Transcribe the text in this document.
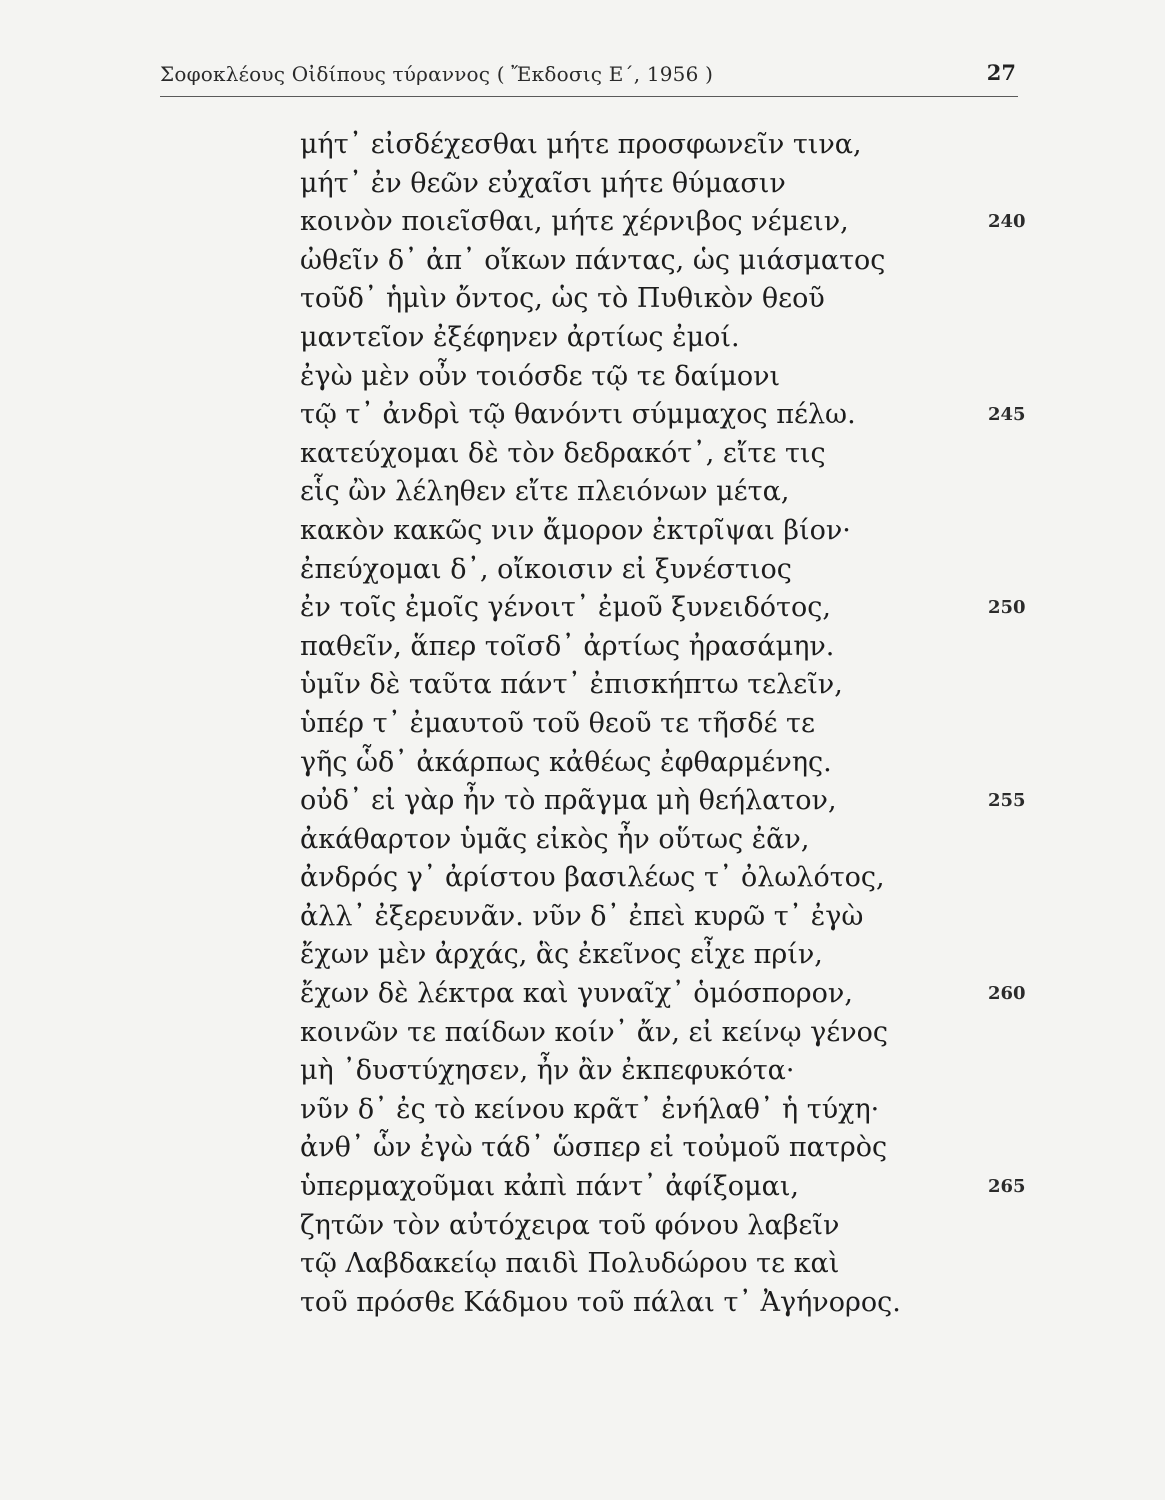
Σοφοκλέους Οἰδίπους τύραννος ( Ἔκδοσις Ε΄, 1956 )	27
μήτ᾽ εἰσδέχεσθαι μήτε προσφωνεῖν τινα,
μήτ᾽ ἐν θεῶν εὐχαῖσι μήτε θύμασιν
κοινὸν ποιεῖσθαι, μήτε χέρνιβος νέμειν,	240
ὠθεῖν δ᾽ ἀπ᾽ οἴκων πάντας, ὡς μιάσματος
τοῦδ᾽ ἡμὶν ὄντος, ὡς τὸ Πυθικὸν θεοῦ
μαντεῖον ἐξέφηνεν ἀρτίως ἐμοί.
ἐγὼ μὲν οὖν τοιόσδε τῷ τε δαίμονι
τῷ τ᾽ ἀνδρὶ τῷ θανόντι σύμμαχος πέλω.	245
κατεύχομαι δὲ τὸν δεδρακότ᾽, εἴτε τις
εἷς ὢν λέληθεν εἴτε πλειόνων μέτα,
κακὸν κακῶς νιν ἄμορον ἐκτρῖψαι βίον·
ἐπεύχομαι δ᾽, οἴκοισιν εἰ ξυνέστιος
ἐν τοῖς ἐμοῖς γένοιτ᾽ ἐμοῦ ξυνειδότος,	250
παθεῖν, ἅπερ τοῖσδ᾽ ἀρτίως ἠρασάμην.
ὑμῖν δὲ ταῦτα πάντ᾽ ἐπισκήπτω τελεῖν,
ὑπέρ τ᾽ ἐμαυτοῦ τοῦ θεοῦ τε τῆσδέ τε
γῆς ὧδ᾽ ἀκάρπως κἀθέως ἐφθαρμένης.
οὐδ᾽ εἰ γὰρ ἦν τὸ πρᾶγμα μὴ θεήλατον,	255
ἀκάθαρτον ὑμᾶς εἰκὸς ἦν οὕτως ἐᾶν,
ἀνδρός γ᾽ ἀρίστου βασιλέως τ᾽ ὀλωλότος,
ἀλλ᾽ ἐξερευνᾶν. νῦν δ᾽ ἐπεὶ κυρῶ τ᾽ ἐγὼ
ἔχων μὲν ἀρχάς, ἃς ἐκεῖνος εἶχε πρίν,
ἔχων δὲ λέκτρα καὶ γυναῖχ᾽ ὁμόσπορον,	260
κοινῶν τε παίδων κοίν᾽ ἄν, εἰ κείνῳ γένος
μὴ ᾿δυστύχησεν, ἦν ἂν ἐκπεφυκότα·
νῦν δ᾽ ἐς τὸ κείνου κρᾶτ᾽ ἐνήλαθ᾽ ἡ τύχη·
ἀνθ᾽ ὧν ἐγὼ τάδ᾽ ὥσπερ εἰ τοὐμοῦ πατρὸς
ὑπερμαχοῦμαι κἀπὶ πάντ᾽ ἀφίξομαι,	265
ζητῶν τὸν αὐτόχειρα τοῦ φόνου λαβεῖν
τῷ Λαβδακείῳ παιδὶ Πολυδώρου τε καὶ
τοῦ πρόσθε Κάδμου τοῦ πάλαι τ᾽ Ἀγήνορος.
